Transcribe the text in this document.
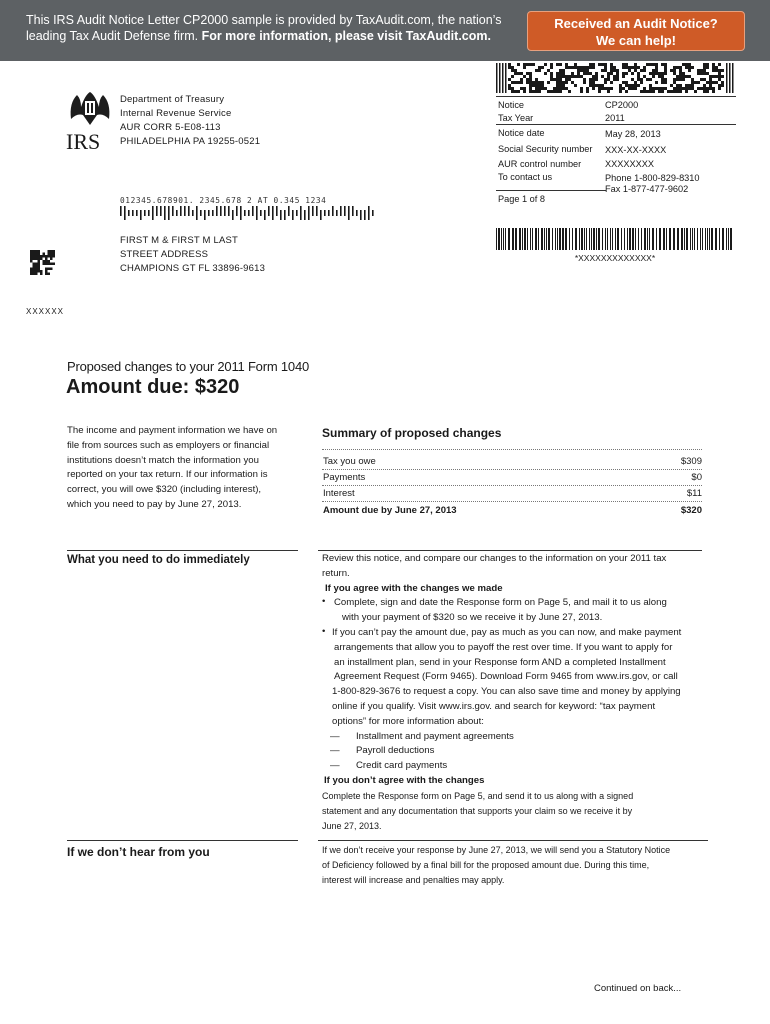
This IRS Audit Notice Letter CP2000 sample is provided by TaxAudit.com, the nation’s
leading Tax Audit Defense firm. For more information, please visit TaxAudit.com.
Received an Audit Notice?
We can help!
IRS
Department of Treasury
Internal Revenue Service
AUR CORR 5-E08-113
PHILADELPHIA PA 19255-0521
Notice	CP2000
Tax Year	2011
Notice date	May 28, 2013
Social Security number XXX-XX-XXXX
AUR control number	XXXXXXXX
To contact us	Phone 1-800-829-8310
Fax 1-877-477-9602
Page 1 of 8
012345.678901. 2345.678 2 AT 0.345 1234
*XXXXXXXXXXXXX*
FIRST M & FIRST M LAST
STREET ADDRESS
CHAMPIONS GT FL 33896-9613
XXXXXX
Proposed changes to your 2011 Form 1040
Amount due: $320
The income and payment information we have on
file from sources such as employers or financial
institutions doesn’t match the information you
reported on your tax return. If our information is
correct, you will owe $320 (including interest),
which you need to pay by June 27, 2013.
Summary of proposed changes
Tax you owe	$309
Payments	$0
Interest	$11
Amount due by June 27, 2013	$320
What you need to do immediately	Review this notice, and compare our changes to the information on your 2011 tax
return.
If you agree with the changes we made
• Complete, sign and date the Response form on Page 5, and mail it to us along
with your payment of $320 so we receive it by June 27, 2013.
• If you can’t pay the amount due, pay as much as you can now, and make payment
arrangements that allow you to payoff the rest over time. If you want to apply for
an installment plan, send in your Response form AND a completed Installment
Agreement Request (Form 9465). Download Form 9465 from www.irs.gov, or call
1-800-829-3676 to request a copy. You can also save time and money by applying
online if you qualify. Visit www.irs.gov. and search for keyword: “tax payment
options” for more information about:
— Installment and payment agreements
— Payroll deductions
— Credit card payments
If you don’t agree with the changes
Complete the Response form on Page 5, and send it to us along with a signed
statement and any documentation that supports your claim so we receive it by
June 27, 2013.
If we don’t hear from you	If we don’t receive your response by June 27, 2013, we will send you a Statutory Notice
of Deficiency followed by a final bill for the proposed amount due. During this time,
interest will increase and penalties may apply.
Continued on back...
